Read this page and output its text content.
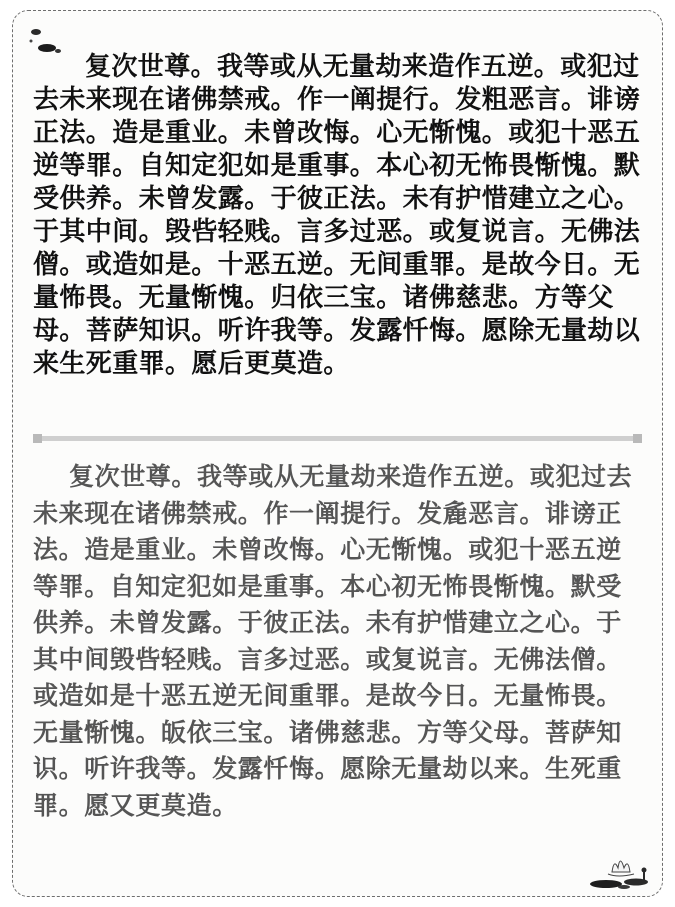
复次世尊。我等或从无量劫来造作五逆。或犯过去未来现在诸佛禁戒。作一阐提行。发粗恶言。诽谤正法。造是重业。未曾改悔。心无惭愧。或犯十恶五逆等罪。自知定犯如是重事。本心初无怖畏惭愧。默受供养。未曾发露。于彼正法。未有护惜建立之心。于其中间。毁呰轻贱。言多过恶。或复说言。无佛法僧。或造如是。十恶五逆。无间重罪。是故今日。无量怖畏。无量惭愧。归依三宝。诸佛慈悲。方等父母。菩萨知识。听许我等。发露忏悔。愿除无量劫以来生死重罪。愿后更莫造。

复次世尊。我等或从无量劫来造作五逆。或犯过去未来现在诸佛禁戒。作一阐提行。发麁恶言。诽谤正法。造是重业。未曾改悔。心无惭愧。或犯十恶五逆等罪。自知定犯如是重事。本心初无怖畏惭愧。默受供养。未曾发露。于彼正法。未有护惜建立之心。于其中间毁呰轻贱。言多过恶。或复说言。无佛法僧。或造如是十恶五逆无间重罪。是故今日。无量怖畏。无量惭愧。皈依三宝。诸佛慈悲。方等父母。菩萨知识。听许我等。发露忏悔。愿除无量劫以来。生死重罪。愿又更莫造。
